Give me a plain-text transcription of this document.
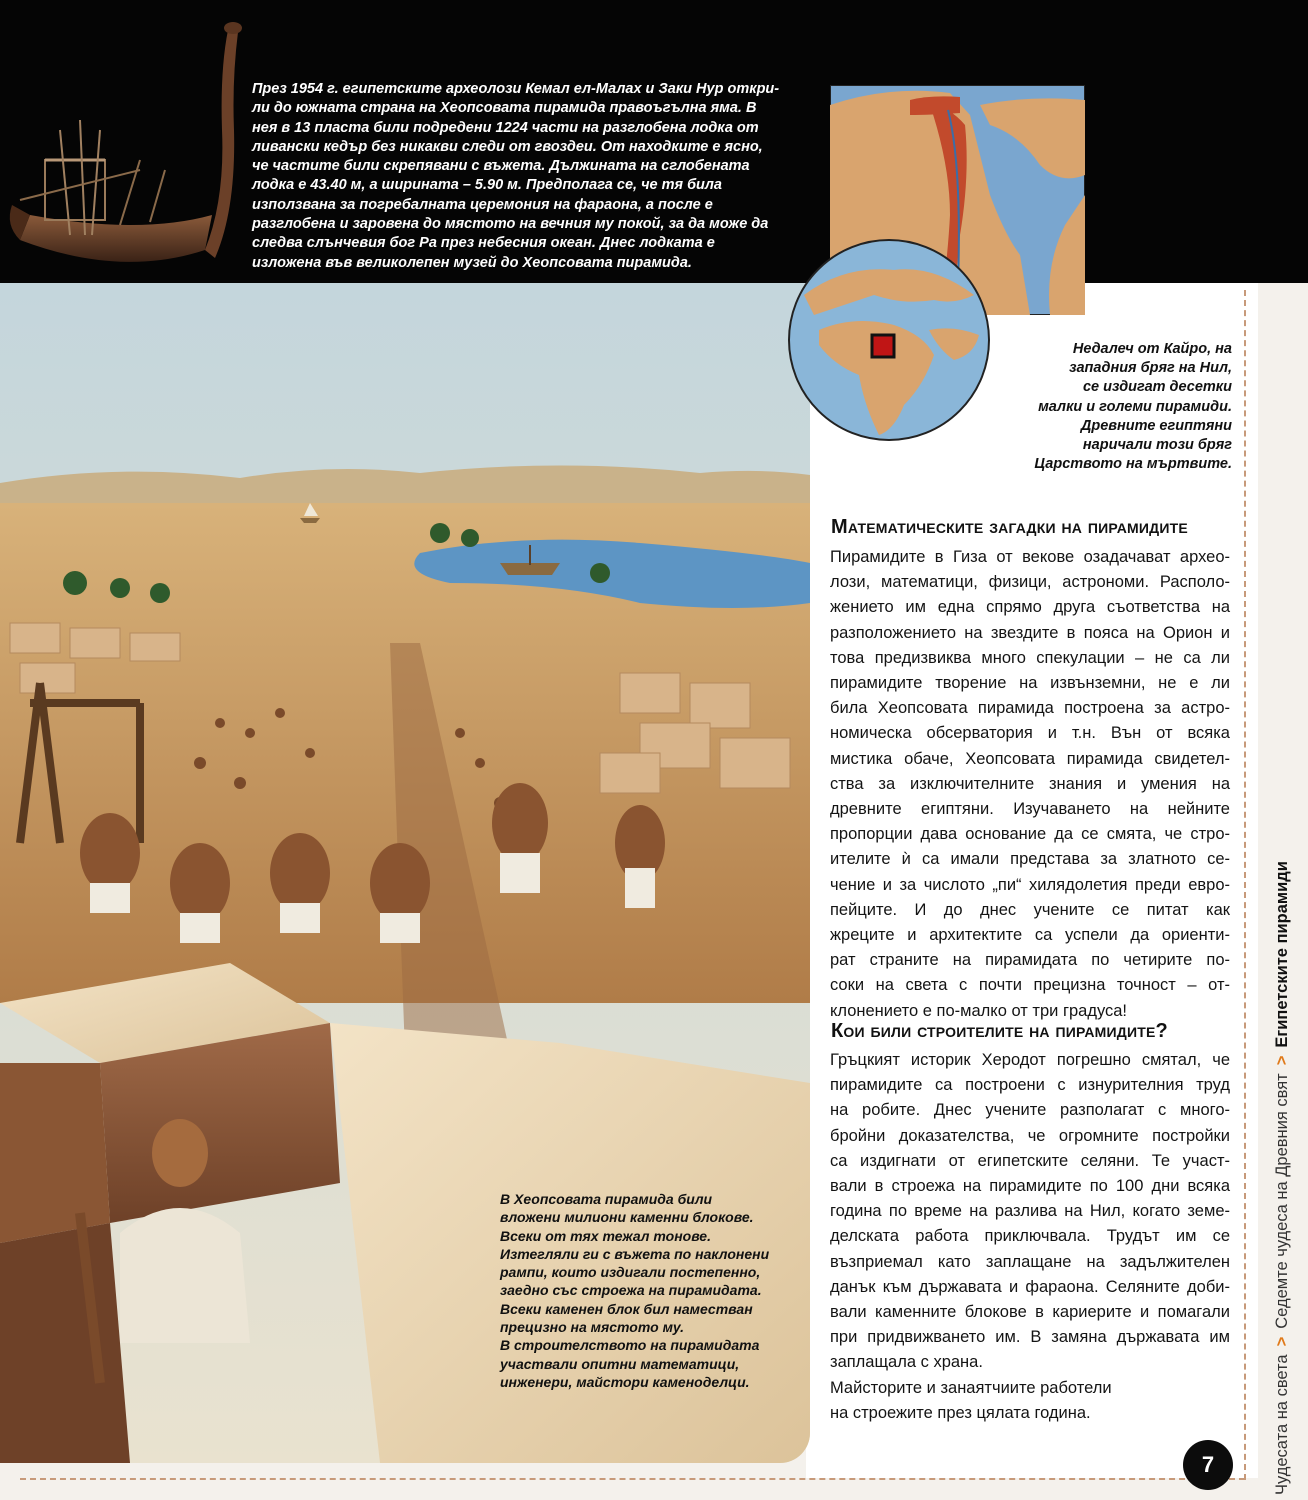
През 1954 г. египетските археолози Кемал ел-Малах и Заки Нур открили до южната страна на Хеопсовата пирамида правоъгълна яма. В нея в 13 пласта били подредени 1224 части на разглобена лодка от ливански кедър без никакви следи от гвоздеи. От находките е ясно, че частите били скрепявани с въжета. Дължината на сглобената лодка е 43.40 м, а ширината – 5.90 м. Предполага се, че тя била използвана за погребалната церемония на фараона, а после е разглобена и заровена до мястото на вечния му покой, за да може да следва слънчевия бог Ра през небесния океан. Днес лодката е изложена във великолепен музей до Хеопсовата пирамида.

В Хеопсовата пирамида били
вложени милиони каменни блокове.
Всеки от тях тежал тонове.
Изтегляли ги с въжета по наклонени
рампи, които издигали постепенно,
заедно със строежа на пирамидата.
Всеки каменен блок бил наместван
прецизно на мястото му.
В строителството на пирамидата
участвали опитни математици,
инженери, майстори каменоделци.

Недалеч от Кайро, на
западния бряг на Нил,
се издигат десетки
малки и големи пирамиди.
Древните египтяни
наричали този бряг
Царството на мъртвите.

Математическите загадки на пирамидите

Пирамидите в Гиза от векове озадачават архео-
лози, математици, физици, астрономи. Располо-
жението им една спрямо друга съответства на
разположението на звездите в пояса на Орион и
това предизвиква много спекулации – не са ли
пирамидите творение на извънземни, не е ли
била Хеопсовата пирамида построена за астро-
номическа обсерватория и т.н. Вън от всяка
мистика обаче, Хеопсовата пирамида свидетел-
ства за изключителните знания и умения на
древните египтяни. Изучаването на нейните
пропорции дава основание да се смята, че стро-
ителите ѝ са имали представа за златното се-
чение и за числото „пи“ хилядолетия преди евро-
пейците. И до днес учените се питат как
жреците и архитектите са успели да ориенти-
рат страните на пирамидата по четирите по-
соки на света с почти прецизна точност – от-
клонението е по-малко от три градуса!

Кои били строителите на пирамидите?

Гръцкият историк Херодот погрешно смятал, че
пирамидите са построени с изнурителния труд
на робите. Днес учените разполагат с много-
бройни доказателства, че огромните постройки
са издигнати от египетските селяни. Те участ-
вали в строежа на пирамидите по 100 дни всяка
година по време на разлива на Нил, когато земе-
делската работа приключвала. Трудът им се
възприемал като заплащане на задължителен
данък към държавата и фараона. Селяните доби-
вали каменните блокове в кариерите и помагали
при придвижването им. В замяна държавата им
заплащала с храна.
Майсторите и занаятчиите работели
на строежите през цялата година.

7	Чудесата на света
>
Седемте чудеса на Древния свят
>
Египетските пирамиди
